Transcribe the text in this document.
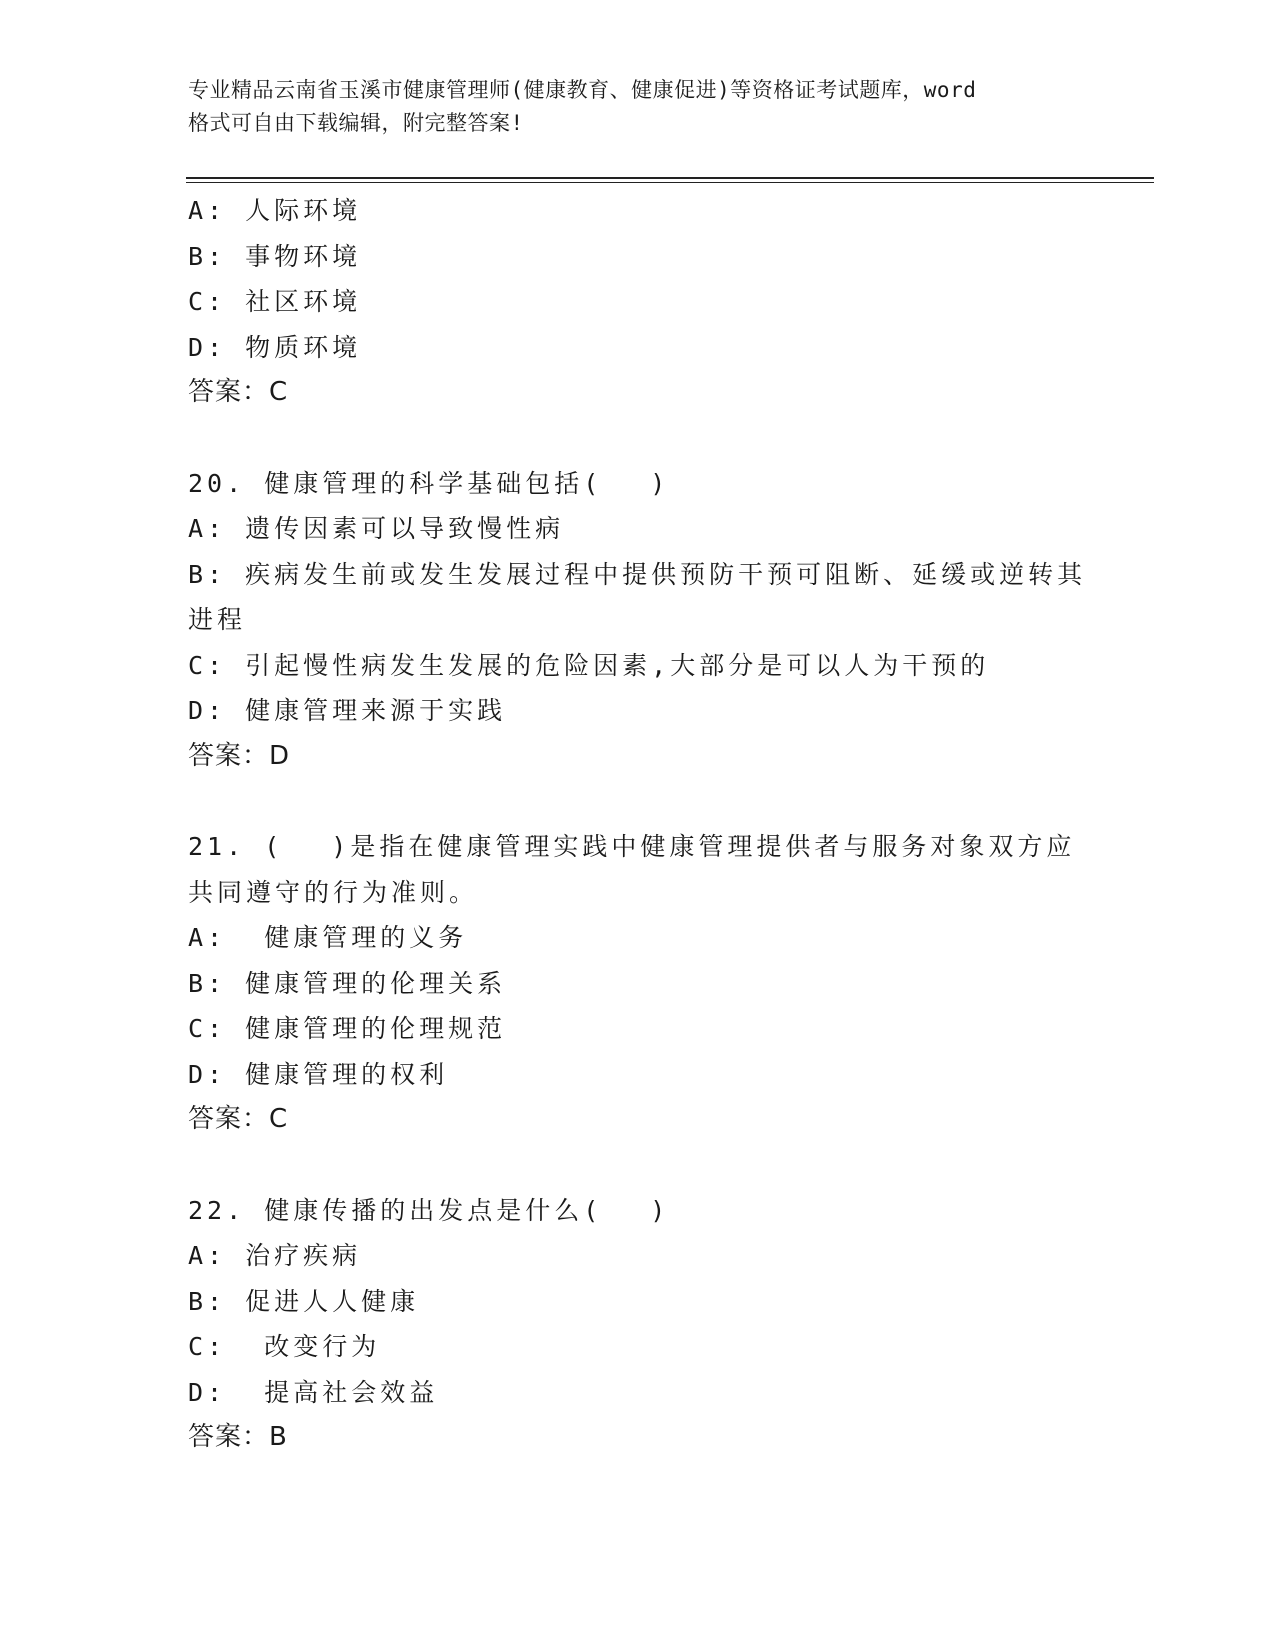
专业精品云南省玉溪市健康管理师(健康教育、健康促进)等资格证考试题库，word
格式可自由下载编辑，附完整答案!
A: 人际环境
B: 事物环境
C: 社区环境
D: 物质环境
答案：C
20. 健康管理的科学基础包括(　 )
A: 遗传因素可以导致慢性病
B: 疾病发生前或发生发展过程中提供预防干预可阻断、延缓或逆转其
进程
C: 引起慢性病发生发展的危险因素,大部分是可以人为干预的
D: 健康管理来源于实践
答案：D
21. (　 )是指在健康管理实践中健康管理提供者与服务对象双方应
共同遵守的行为准则。
A:  健康管理的义务
B: 健康管理的伦理关系
C: 健康管理的伦理规范
D: 健康管理的权利
答案：C
22. 健康传播的出发点是什么(　 )
A: 治疗疾病
B: 促进人人健康
C:  改变行为
D:  提高社会效益
答案：B
